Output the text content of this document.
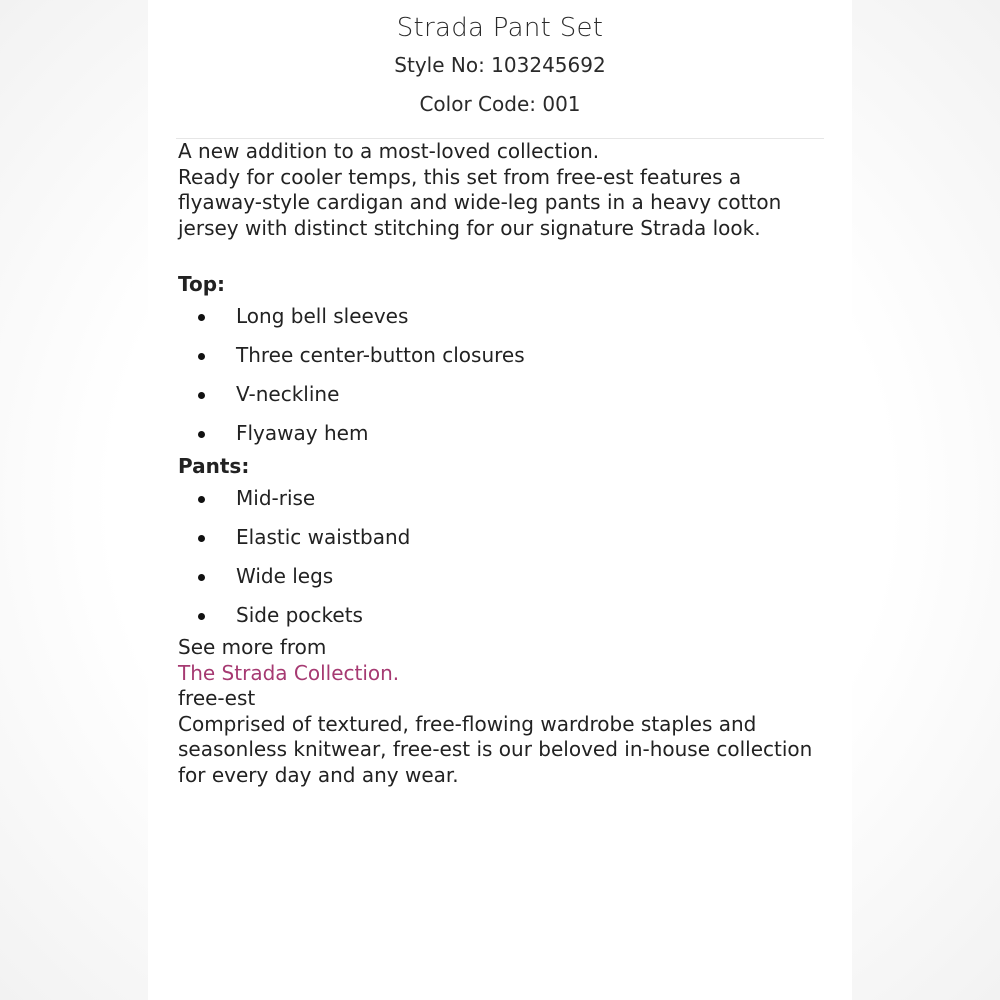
Strada Pant Set

Style No: 103245692

Color Code: 001

A new addition to a most-loved collection.

Ready for cooler temps, this set from free-est features a flyaway-style cardigan and wide-leg pants in a heavy cotton jersey with distinct stitching for our signature Strada look.

Top:

Long bell sleeves
Three center-button closures
V-neckline
Flyaway hem

Pants:

Mid-rise
Elastic waistband
Wide legs
Side pockets

See more from
The Strada Collection.

free-est

Comprised of textured, free-flowing wardrobe staples and seasonless knitwear, free-est is our beloved in-house collection for every day and any wear.
